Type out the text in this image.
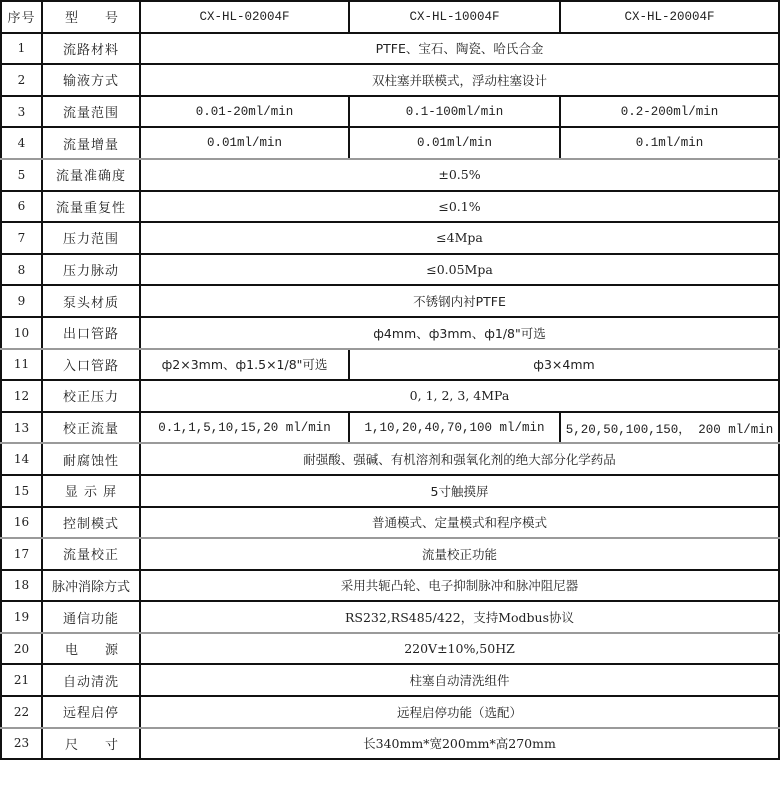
序号	型 号	CX-HL-02004F	CX-HL-10004F	CX-HL-20004F
1	流路材料	PTFE、宝石、陶瓷、哈氏合金		
2	输液方式	双柱塞并联模式，浮动柱塞设计		
3	流量范围	0.01-20ml/min	0.1-100ml/min	0.2-200ml/min
4	流量增量	0.01ml/min	0.01ml/min	0.1ml/min
5	流量准确度	±0.5%		
6	流量重复性	≤0.1%		
7	压力范围	≤4Mpa		
8	压力脉动	≤0.05Mpa		
9	泵头材质	不锈钢内衬PTFE		
10	出口管路	ф4mm、ф3mm、ф1/8"可选		
11	入口管路	ф2×3mm、ф1.5×1/8"可选	ф3×4mm	
12	校正压力	0, 1, 2, 3, 4MPa		
13	校正流量	0.1,1,5,10,15,20 ml/min	1,10,20,40,70,100 ml/min	5,20,50,100,150， 200 ml/min
14	耐腐蚀性	耐强酸、强碱、有机溶剂和强氧化剂的绝大部分化学药品		
15	显 示 屏	5寸触摸屏		
16	控制模式	普通模式、定量模式和程序模式		
17	流量校正	流量校正功能		
18	脉冲消除方式	采用共轭凸轮、电子抑制脉冲和脉冲阻尼器		
19	通信功能	RS232,RS485/422，支持Modbus协议		
20	电 源	220V±10%,50HZ		
21	自动清洗	柱塞自动清洗组件		
22	远程启停	远程启停功能（选配）		
23	尺 寸	长340mm*宽200mm*高270mm		
